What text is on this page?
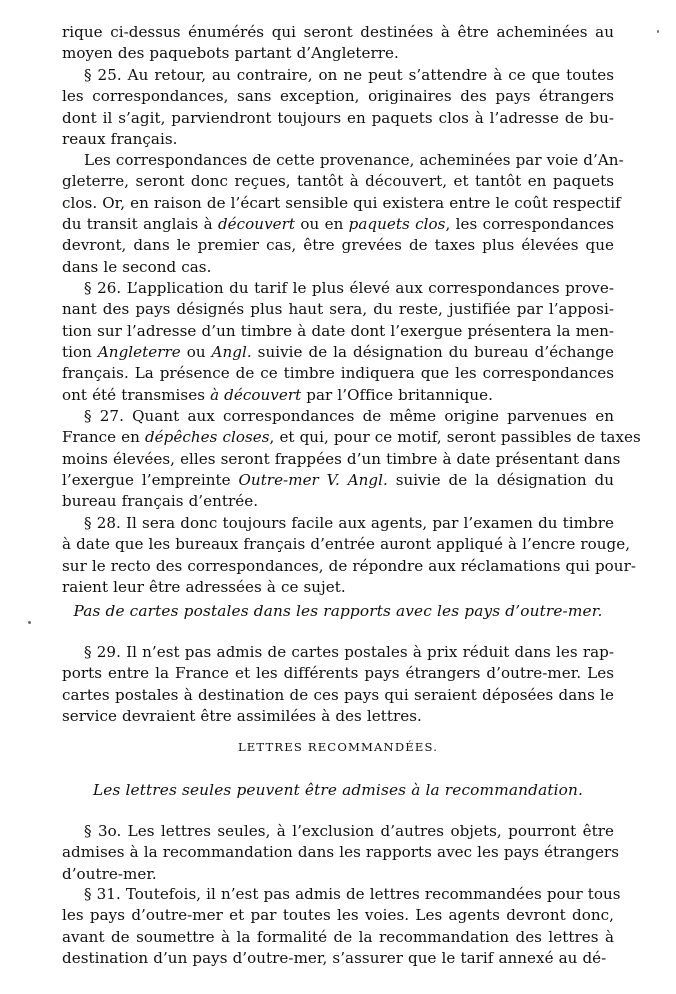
rique ci-dessus énumérés qui seront destinées à être acheminées au
moyen des paquebots partant d’Angleterre.
§ 25. Au retour, au contraire, on ne peut s’attendre à ce que toutes
les correspondances, sans exception, originaires des pays étrangers
dont il s’agit, parviendront toujours en paquets clos à l’adresse de bu-
reaux français.
Les correspondances de cette provenance, acheminées par voie d’An-
gleterre, seront donc reçues, tantôt à découvert, et tantôt en paquets
clos. Or, en raison de l’écart sensible qui existera entre le coût respectif
du transit anglais à découvert ou en paquets clos, les correspondances
devront, dans le premier cas, être grevées de taxes plus élevées que
dans le second cas.
§ 26. L’application du tarif le plus élevé aux correspondances prove-
nant des pays désignés plus haut sera, du reste, justifiée par l’apposi-
tion sur l’adresse d’un timbre à date dont l’exergue présentera la men-
tion Angleterre ou Angl. suivie de la désignation du bureau d’échange
français. La présence de ce timbre indiquera que les correspondances
ont été transmises à découvert par l’Office britannique.
§ 27. Quant aux correspondances de même origine parvenues en
France en dépêches closes, et qui, pour ce motif, seront passibles de taxes
moins élevées, elles seront frappées d’un timbre à date présentant dans
l’exergue l’empreinte Outre-mer V. Angl. suivie de la désignation du
bureau français d’entrée.
§ 28. Il sera donc toujours facile aux agents, par l’examen du timbre
à date que les bureaux français d’entrée auront appliqué à l’encre rouge,
sur le recto des correspondances, de répondre aux réclamations qui pour-
raient leur être adressées à ce sujet.
Pas de cartes postales dans les rapports avec les pays d’outre-mer.
§ 29. Il n’est pas admis de cartes postales à prix réduit dans les rap-
ports entre la France et les différents pays étrangers d’outre-mer. Les
cartes postales à destination de ces pays qui seraient déposées dans le
service devraient être assimilées à des lettres.
LETTRES RECOMMANDÉES.
Les lettres seules peuvent être admises à la recommandation.
§ 3o. Les lettres seules, à l’exclusion d’autres objets, pourront être
admises à la recommandation dans les rapports avec les pays étrangers
d’outre-mer.
§ 31. Toutefois, il n’est pas admis de lettres recommandées pour tous
les pays d’outre-mer et par toutes les voies. Les agents devront donc,
avant de soumettre à la formalité de la recommandation des lettres à
destination d’un pays d’outre-mer, s’assurer que le tarif annexé au dé-
